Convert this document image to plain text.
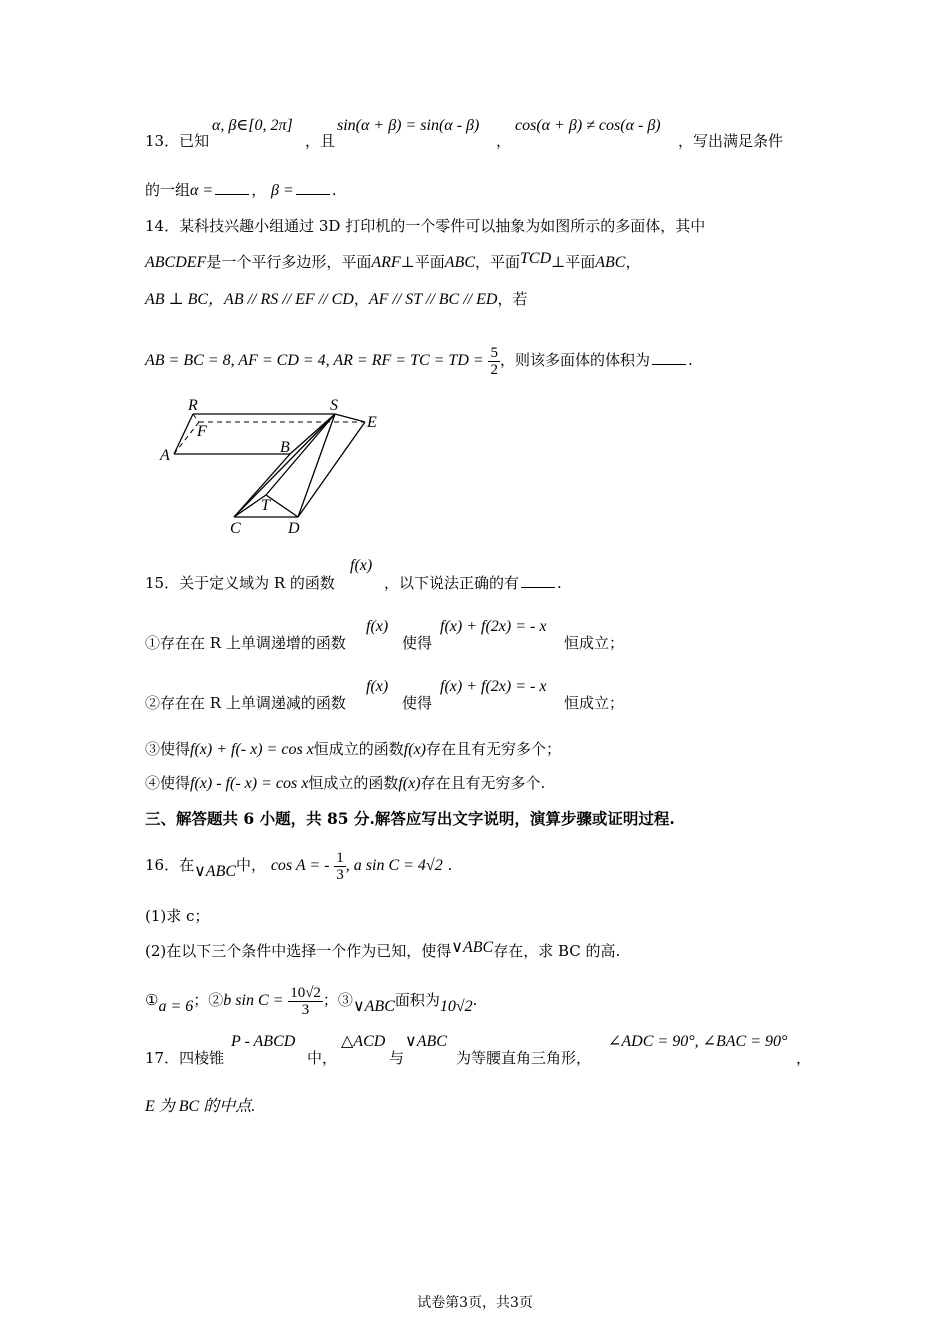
13．已知
α, β∈[0, 2π]
，且
sin(α + β) = sin(α - β)
，
cos(α + β) ≠ cos(α - β)
，写出满足条件
的一组α =	， β =	.
14．某科技兴趣小组通过 3D 打印机的一个零件可以抽象为如图所示的多面体，其中
ABCDEF是一个平行多边形，平面ARF⊥平面ABC，平面TCD⊥平面ABC，
AB ⊥ BC，AB // RS // EF // CD，AF // ST // BC // ED，若
AB = BC = 8, AF = CD = 4, AR = RF = TC = TD = $\frac{5}{2}$ ，则该多面体的体积为	.
R	S
E
F
A	B
T
C	D
15．关于定义域为 R 的函数
f(x)
，以下说法正确的有	.
①存在在 R 上单调递增的函数
f(x)
使得
f(x) + f(2x) = - x
恒成立；
②存在在 R 上单调递减的函数
f(x)
使得
f(x) + f(2x) = - x
恒成立；
③使得f(x) + f(- x) = cos x恒成立的函数f(x)存在且有无穷多个；
④使得f(x) - f(- x) = cos x恒成立的函数f(x)存在且有无穷多个.
三、解答题共 6 小题，共 85 分.解答应写出文字说明，演算步骤或证明过程.
16．在∨ABC中， cos A = - $\frac{1}{3}$ , a sin C = 4√2 .
(1)求 c；
(2)在以下三个条件中选择一个作为已知，使得∨ABC存在，求 BC 的高.
①a = 6；②b $\sin C = \frac{10√2}{3}$ ；③∨ABC面积为10√2.
17．四棱锥
P - ABCD
中，
△ACD
与
∨ABC
为等腰直角三角形，
∠ADC = 90°, ∠BAC = 90°
，
E 为 BC 的中点.
试卷第3页，共3页
